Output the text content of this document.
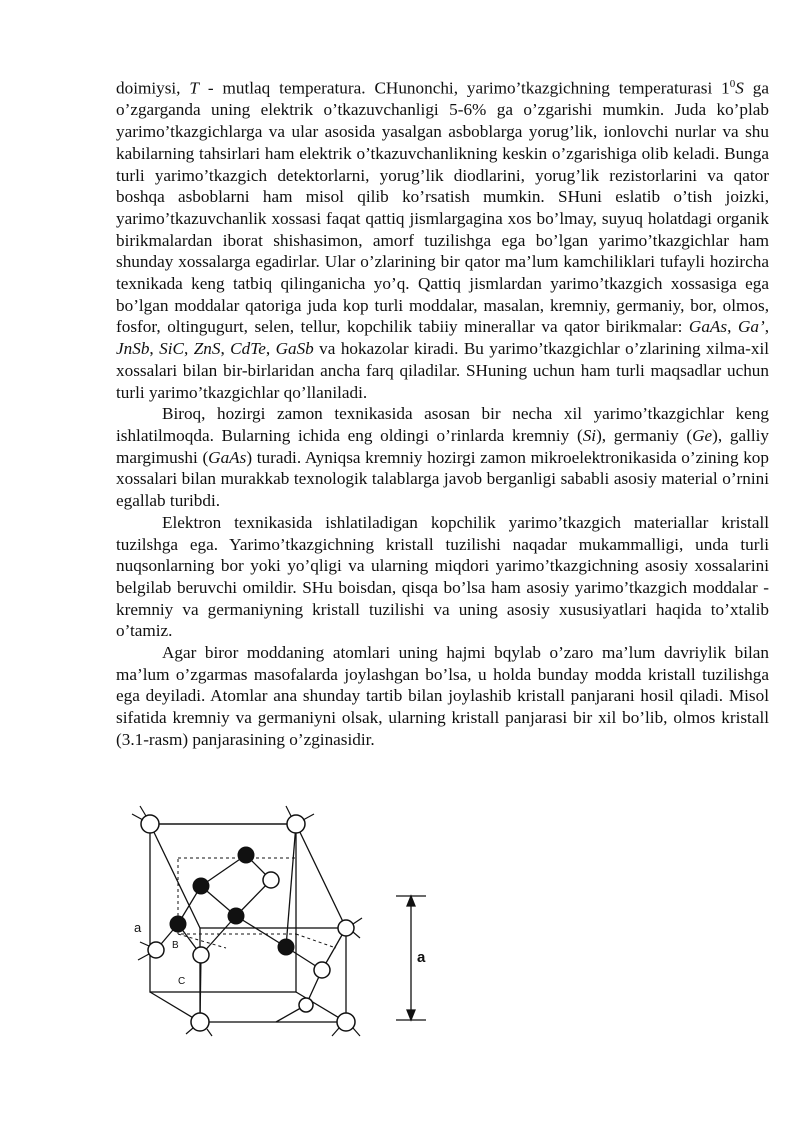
doimiysi, T - mutlaq temperatura. CHunonchi, yarimo’tkazgichning temperaturasi $1^0S$ ga o’zgarganda uning elektrik o’tkazuvchanligi 5-6% ga o’zgarishi mumkin. Juda ko’plab yarimo’tkazgichlarga va ular asosida yasalgan asboblarga yorug’lik, ionlovchi nurlar va shu kabilarning tahsirlari ham elektrik o’tkazuvchanlikning keskin o’zgarishiga olib keladi. Bunga turli yarimo’tkazgich detektorlarni, yorug’lik diodlarini, yorug’lik rezistorlarini va qator boshqa asboblarni ham misol qilib ko’rsatish mumkin. SHuni eslatib o’tish joizki, yarimo’tkazuvchanlik xossasi faqat qattiq jismlargagina xos bo’lmay, suyuq holatdagi organik birikmalardan iborat shishasimon, amorf tuzilishga ega bo’lgan yarimo’tkazgichlar ham shunday xossalarga egadirlar. Ular o’zlarining bir qator ma’lum kamchiliklari tufayli hozircha texnikada keng tatbiq qilinganicha yo’q. Qattiq jismlardan yarimo’tkazgich xossasiga ega bo’lgan moddalar qatoriga juda kop turli moddalar, masalan, kremniy, germaniy, bor, olmos, fosfor, oltingugurt, selen, tellur, kopchilik tabiiy minerallar va qator birikmalar: GaAs, Ga’, JnSb, SiC, ZnS, CdTe, GaSb va hokazolar kiradi. Bu yarimo’tkazgichlar o’zlarining xilma-xil xossalari bilan bir-birlaridan ancha farq qiladilar. SHuning uchun ham turli maqsadlar uchun turli yarimo’tkazgichlar qo’llaniladi.

Biroq, hozirgi zamon texnikasida asosan bir necha xil yarimo’tkazgichlar keng ishlatilmoqda. Bularning ichida eng oldingi o’rinlarda kremniy (Si), germaniy (Ge), galliy margimushi (GaAs) turadi. Ayniqsa kremniy hozirgi zamon mikroelektronikasida o’zining kop xossalari bilan murakkab texnologik talablarga javob berganligi sababli asosiy material o’rnini egallab turibdi.

Elektron texnikasida ishlatiladigan kopchilik yarimo’tkazgich materiallar kristall tuzilshga ega. Yarimo’tkazgichning kristall tuzilishi naqadar mukammalligi, unda turli nuqsonlarning bor yoki yo’qligi va ularning miqdori yarimo’tkazgichning asosiy xossalarini belgilab beruvchi omildir. SHu boisdan, qisqa bo’lsa ham asosiy yarimo’tkazgich moddalar - kremniy va germaniyning kristall tuzilishi va uning asosiy xususiyatlari haqida to’xtalib o’tamiz.

Agar biror moddaning atomlari uning hajmi bqylab o’zaro ma’lum davriylik bilan ma’lum o’zgarmas masofalarda joylashgan bo’lsa, u holda bunday modda kristall tuzilishga ega deyiladi. Atomlar ana shunday tartib bilan joylashib kristall panjarani hosil qiladi. Misol sifatida kremniy va germaniyni olsak, ularning kristall panjarasi bir xil bo’lib, olmos kristall (3.1-rasm) panjarasining o’zginasidir.

a
B
C
a
